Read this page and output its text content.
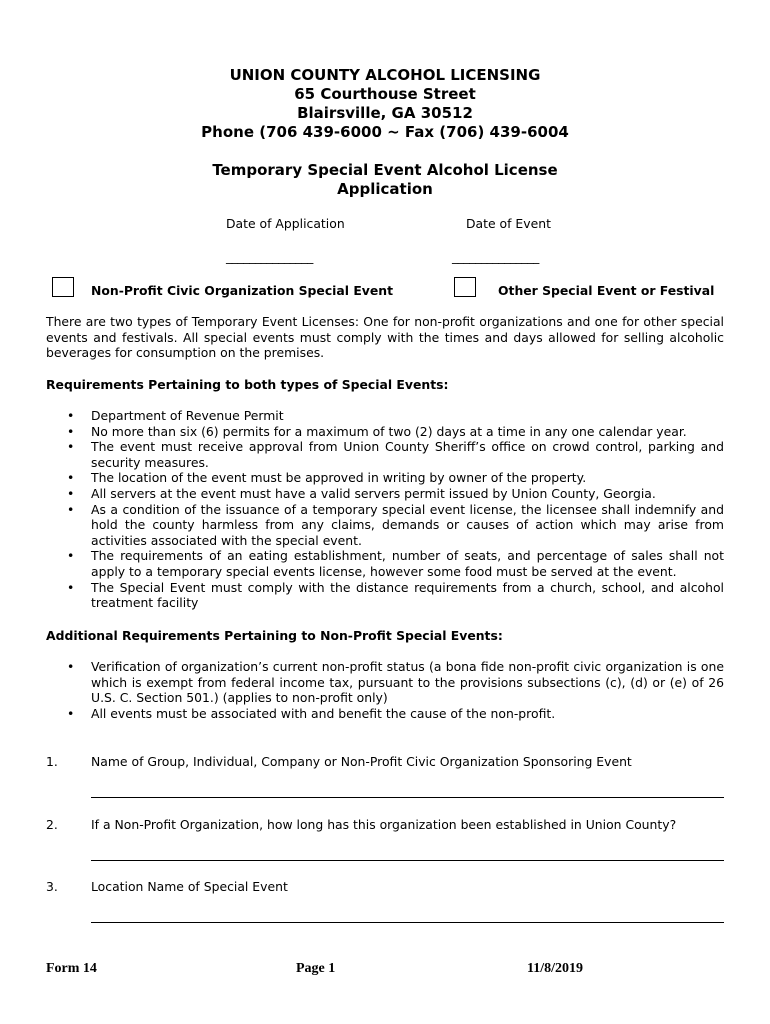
UNION COUNTY ALCOHOL LICENSING
65 Courthouse Street
Blairsville, GA 30512
Phone (706 439-6000 ~ Fax (706) 439-6004
Temporary Special Event Alcohol License
Application
Date of Application	Date of Event
_______________	_______________
Non-Profit Civic Organization Special Event	Other Special Event or Festival
There are two types of Temporary Event Licenses: One for non-profit organizations and one for other special events and festivals. All special events must comply with the times and days allowed for selling alcoholic beverages for consumption on the premises.
Requirements Pertaining to both types of Special Events:
• Department of Revenue Permit
• No more than six (6) permits for a maximum of two (2) days at a time in any one calendar year.
• The event must receive approval from Union County Sheriff’s office on crowd control, parking and security measures.
• The location of the event must be approved in writing by owner of the property.
• All servers at the event must have a valid servers permit issued by Union County, Georgia.
• As a condition of the issuance of a temporary special event license, the licensee shall indemnify and hold the county harmless from any claims, demands or causes of action which may arise from activities associated with the special event.
• The requirements of an eating establishment, number of seats, and percentage of sales shall not apply to a temporary special events license, however some food must be served at the event.
• The Special Event must comply with the distance requirements from a church, school, and alcohol treatment facility
Additional Requirements Pertaining to Non-Profit Special Events:
• Verification of organization’s current non-profit status (a bona fide non-profit civic organization is one which is exempt from federal income tax, pursuant to the provisions subsections (c), (d) or (e) of 26 U.S. C. Section 501.) (applies to non-profit only)
• All events must be associated with and benefit the cause of the non-profit.
1.	Name of Group, Individual, Company or Non-Profit Civic Organization Sponsoring Event
2.	If a Non-Profit Organization, how long has this organization been established in Union County?
3.	Location Name of Special Event
Form 14	Page 1	11/8/2019
